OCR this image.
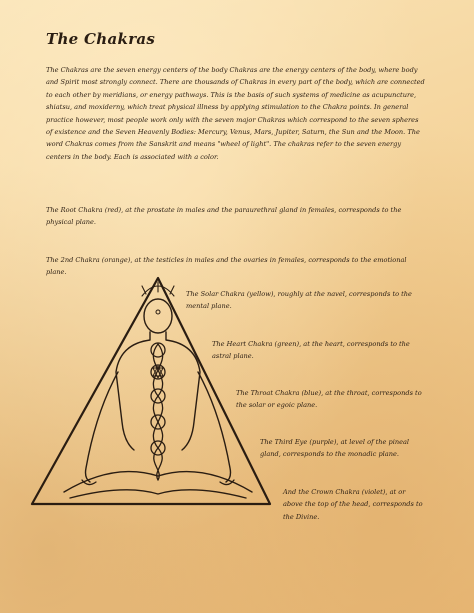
The Chakras
The Chakras are the seven energy centers of the body Chakras are the energy centers of the body, where body and Spirit most strongly connect. There are thousands of Chakras in every part of the body, which are connected to each other by meridians, or energy pathways. This is the basis of such systems of medicine as acupuncture, shiatsu, and moxiderny, which treat physical illness by applying stimulation to the Chakra points. In general practice however, most people work only with the seven major Chakras which correspond to the seven spheres of existence and the Seven Heavenly Bodies: Mercury, Venus, Mars, Jupiter, Saturn, the Sun and the Moon. The word Chakras comes from the Sanskrit and means "wheel of light". The chakras refer to the seven energy centers in the body. Each is associated with a color.
The Root Chakra (red), at the prostate in males and the paraurethral gland in females, corresponds to the physical plane.
The 2nd Chakra (orange), at the testicles in males and the ovaries in females, corresponds to the emotional plane.
The Solar Chakra (yellow), roughly at the navel, corresponds to the mental plane.
The Heart Chakra (green), at the heart, corresponds to the astral plane.
The Throat Chakra (blue), at the throat, corresponds to the solar or egoic plane.
The Third Eye (purple), at level of the pineal gland, corresponds to the monadic plane.
And the Crown Chakra (violet), at or above the top of the head, corresponds to the Divine.
